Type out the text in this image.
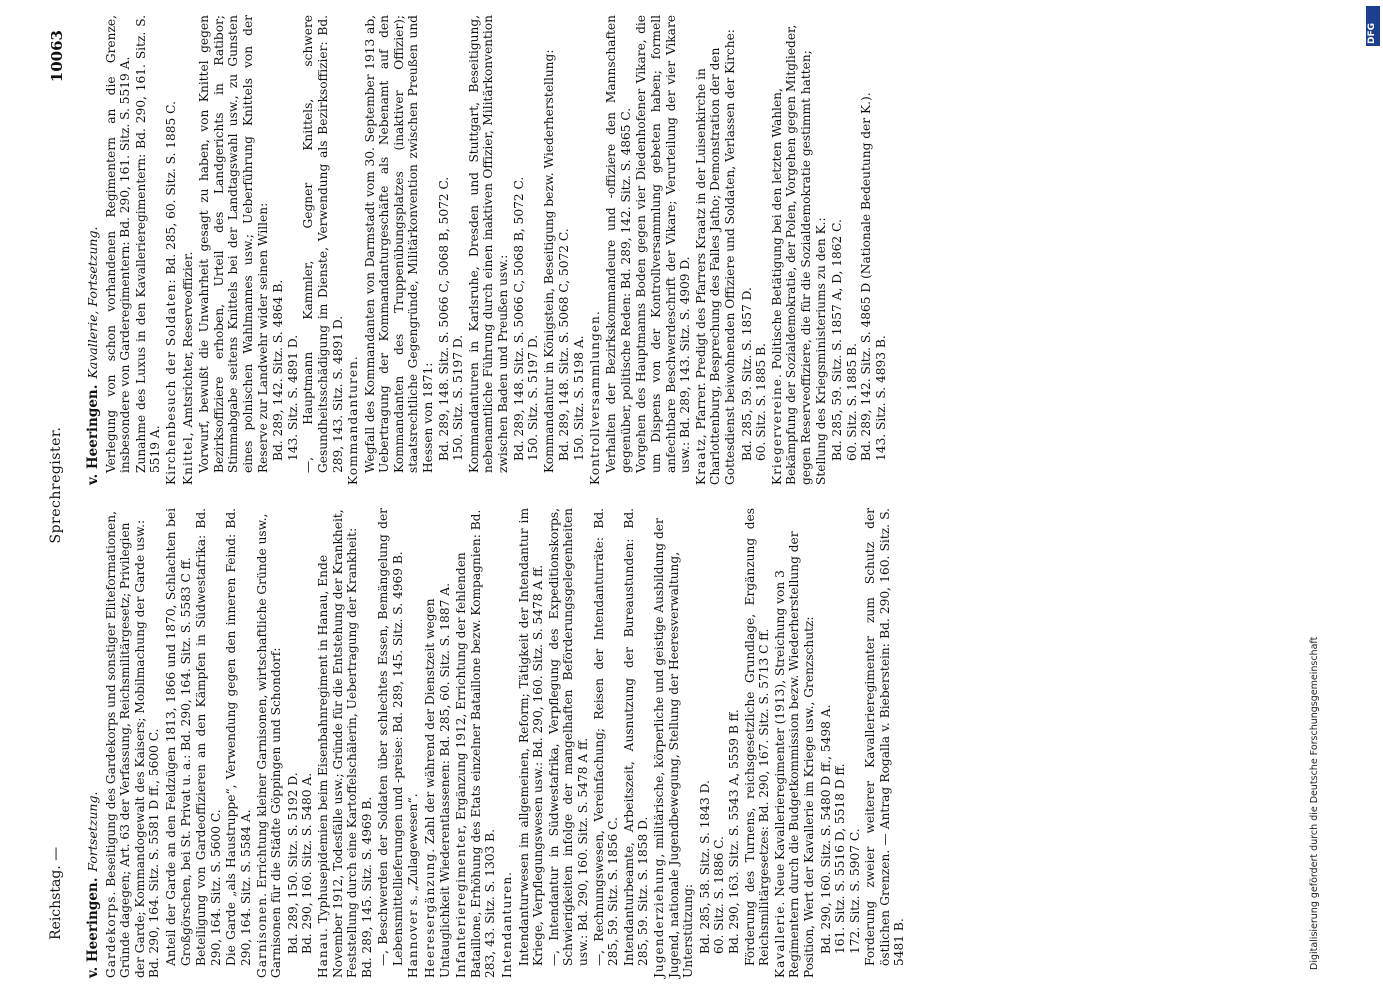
Reichstag. —
Sprechregister.
10063
v. Heeringen.Fortsetzung.
Gardekorps. Beseitigung des Gardekorps und sonstiger Eliteformationen, Gründe dagegen; Art. 63 der Verfassung, Reichsmilitärgesetz; Privilegien der Garde; Kommandogewalt des Kaisers; Mobilmachung der Garde usw.: Bd. 290, 164. Sitz. S. 5581 D ff., 5600 C. Anteil der Garde an den Feldzügen 1813, 1866 und 1870, Schlachten bei Großgörschen, bei St. Privat u. a.: Bd. 290, 164. Sitz. S. 5583 C ff. Beteiligung von Gardeoffizieren an den Kämpfen in Südwestafrika: Bd. 290, 164. Sitz. S. 5600 C. Die Garde „als Haustruppe“, Verwendung gegen den inneren Feind: Bd. 290, 164. Sitz. S. 5584 A. Garnisonen. Errichtung kleiner Garnisonen, wirtschaftliche Gründe usw., Garnisonen für die Städte Göppingen und Schondorf: Bd. 289, 150. Sitz. S. 5192 D.
Bd. 290, 160. Sitz. S. 5480 A.
Hanau. Typhusepidemien beim Eisenbahnregiment in Hanau, Ende November 1912, Todesfälle usw.; Gründe für die Entstehung der Krankheit, Feststellung durch eine Kartoffelschälerin, Uebertragung der Krankheit: Bd. 289, 145. Sitz. S. 4969 B. —, Beschwerden der Soldaten über schlechtes Essen, Bemängelung der Lebensmittellieferungen und -preise: Bd. 289, 145. Sitz. S. 4969 B. Hannover s. „Zulagewesen“. Heeresergänzung. Zahl der während der Dienstzeit wegen Untauglichkeit Wiederentlassenen: Bd. 285, 60. Sitz. S. 1887 A. Infanterieregimenter, Ergänzung 1912, Errichtung der fehlenden Bataillone, Erhöhung des Etats einzelner Bataillone bezw. Kompagnien: Bd. 283, 43. Sitz. S. 1303 B. Intendanturen. Intendanturwesen im allgemeinen, Reform; Tätigkeit der Intendantur im Kriege, Verpflegungswesen usw.: Bd. 290, 160. Sitz. S. 5478 A ff. —, Intendantur in Südwestafrika, Verpflegung des Expeditionskorps, Schwierigkeiten infolge der mangelhaften Beförderungsgelegenheiten usw.: Bd. 290, 160. Sitz. S. 5478 A ff. —, Rechnungswesen, Vereinfachung; Reisen der Intendanturräte: Bd. 285, 59. Sitz. S. 1856 C. Intendanturbeamte, Arbeitszeit, Ausnutzung der Bureaustunden: Bd. 285, 59. Sitz. S. 1858 D. Jugenderziehung, militärische, körperliche und geistige Ausbildung der Jugend, nationale Jugendbewegung, Stellung der Heeresverwaltung, Unterstützung: Bd. 285, 58. Sitz. S. 1843 D.
60. Sitz. S. 1886 C.
Bd. 290, 163. Sitz. S. 5543 A, 5559 B ff. Förderung des Turnens, reichsgesetzliche Grundlage, Ergänzung des Reichsmilitärgesetzes: Bd. 290, 167. Sitz. S. 5713 C ff. Kavallerie. Neue Kavallerieregimenter (1913), Streichung von 3 Regimentern durch die Budgetkommission bezw. Wiederherstellung der Position, Wert der Kavallerie im Kriege usw., Grenzschutz: Bd. 290, 160. Sitz. S. 5480 D ff., 5498 A.
161. Sitz. S. 5516 D, 5518 D ff.
172. Sitz. S. 5907 C. Forderung zweier weiterer Kavallerieregimenter zum Schutz der östlichen Grenzen. — Antrag Rogalla v. Bieberstein: Bd. 290, 160. Sitz. S. 5481 B.
v. Heeringen.Kavallerie, Fortsetzung. Verlegung von schon vorhandenen Regimentern an die Grenze, insbesondere von Garderegimentern: Bd. 290, 161. Sitz. S. 5519 A. Zunahme des Luxus in den Kavallerieregimentern: Bd. 290, 161. Sitz. S. 5519 A. Kirchenbesuch der Soldaten: Bd. 285, 60. Sitz. S. 1885 C.
Knittel, Amtsrichter, Reserveoffizier. Vorwurf, bewußt die Unwahrheit gesagt zu haben, von Knittel gegen Bezirksoffiziere erhoben, Urteil des Landgerichts in Ratibor; Stimmabgabe seitens Knittels bei der Landtagswahl usw., zu Gunsten eines polnischen Wahlmannes usw.; Ueberführung Knittels von der Reserve zur Landwehr wider seinen Willen: Bd. 289, 142. Sitz. S. 4864 B.
143. Sitz. S. 4891 D. —, Hauptmann Kammler, Gegner Knittels, schwere Gesundheitsschädigung im Dienste, Verwendung als Bezirksoffizier: Bd. 289, 143. Sitz. S. 4891 D. Kommandanturen. Wegfall des Kommandanten von Darmstadt vom 30. September 1913 ab, Uebertragung der Kommandanturgeschäfte als Nebenamt auf den Kommandanten des Truppenübungsplatzes (inaktiver Offizier); staatsrechtliche Gegengründe, Militärkonvention zwischen Preußen und Hessen von 1871: Bd. 289, 148. Sitz. S. 5066 C, 5068 B, 5072 C.
150. Sitz. S. 5197 D. Kommandanturen in Karlsruhe, Dresden und Stuttgart, Beseitigung, nebenamtliche Führung durch einen inaktiven Offizier, Militärkonvention zwischen Baden und Preußen usw.: Bd. 289, 148. Sitz. S. 5066 C, 5068 B, 5072 C.
150. Sitz. S. 5197 D. Kommandantur in Königstein, Beseitigung bezw. Wiederherstellung: Bd. 289, 148. Sitz. S. 5068 C, 5072 C.
150. Sitz. S. 5198 A. Kontrollversammlungen. Verhalten der Bezirkskommandeure und -offiziere den Mannschaften gegenüber, politische Reden: Bd. 289, 142. Sitz. S. 4865 C. Vorgehen des Hauptmanns Boden gegen vier Diedenhofener Vikare, die um Dispens von der Kontrollversammlung gebeten haben; formell anfechtbare Beschwerdeschrift der Vikare; Verurteilung der vier Vikare usw.: Bd. 289, 143. Sitz. S. 4909 D. Kraatz, Pfarrer. Predigt des Pfarrers Kraatz in der Luisenkirche in Charlottenburg, Besprechung des Falles Jatho; Demonstration der den Gottesdienst beiwohnenden Offiziere und Soldaten, Verlassen der Kirche: Bd. 285, 59. Sitz. S. 1857 D.
60. Sitz. S. 1885 B.
Kriegervereine. Politische Betätigung bei den letzten Wahlen, Bekämpfung der Sozialdemokratie, der Polen, Vorgehen gegen Mitglieder, gegen Reserveoffiziere, die für die Sozialdemokratie gestimmt hatten; Stellung des Kriegsministeriums zu den K.: Bd. 285, 59. Sitz. S. 1857 A, D, 1862 C.
60. Sitz. S. 1885 B.
Bd. 289, 142. Sitz. S. 4865 D (Nationale Bedeutung der K.).
143. Sitz. S. 4893 B.
Digitalisierung gefördert durch die Deutsche Forschungsgemeinschaft
DFG
